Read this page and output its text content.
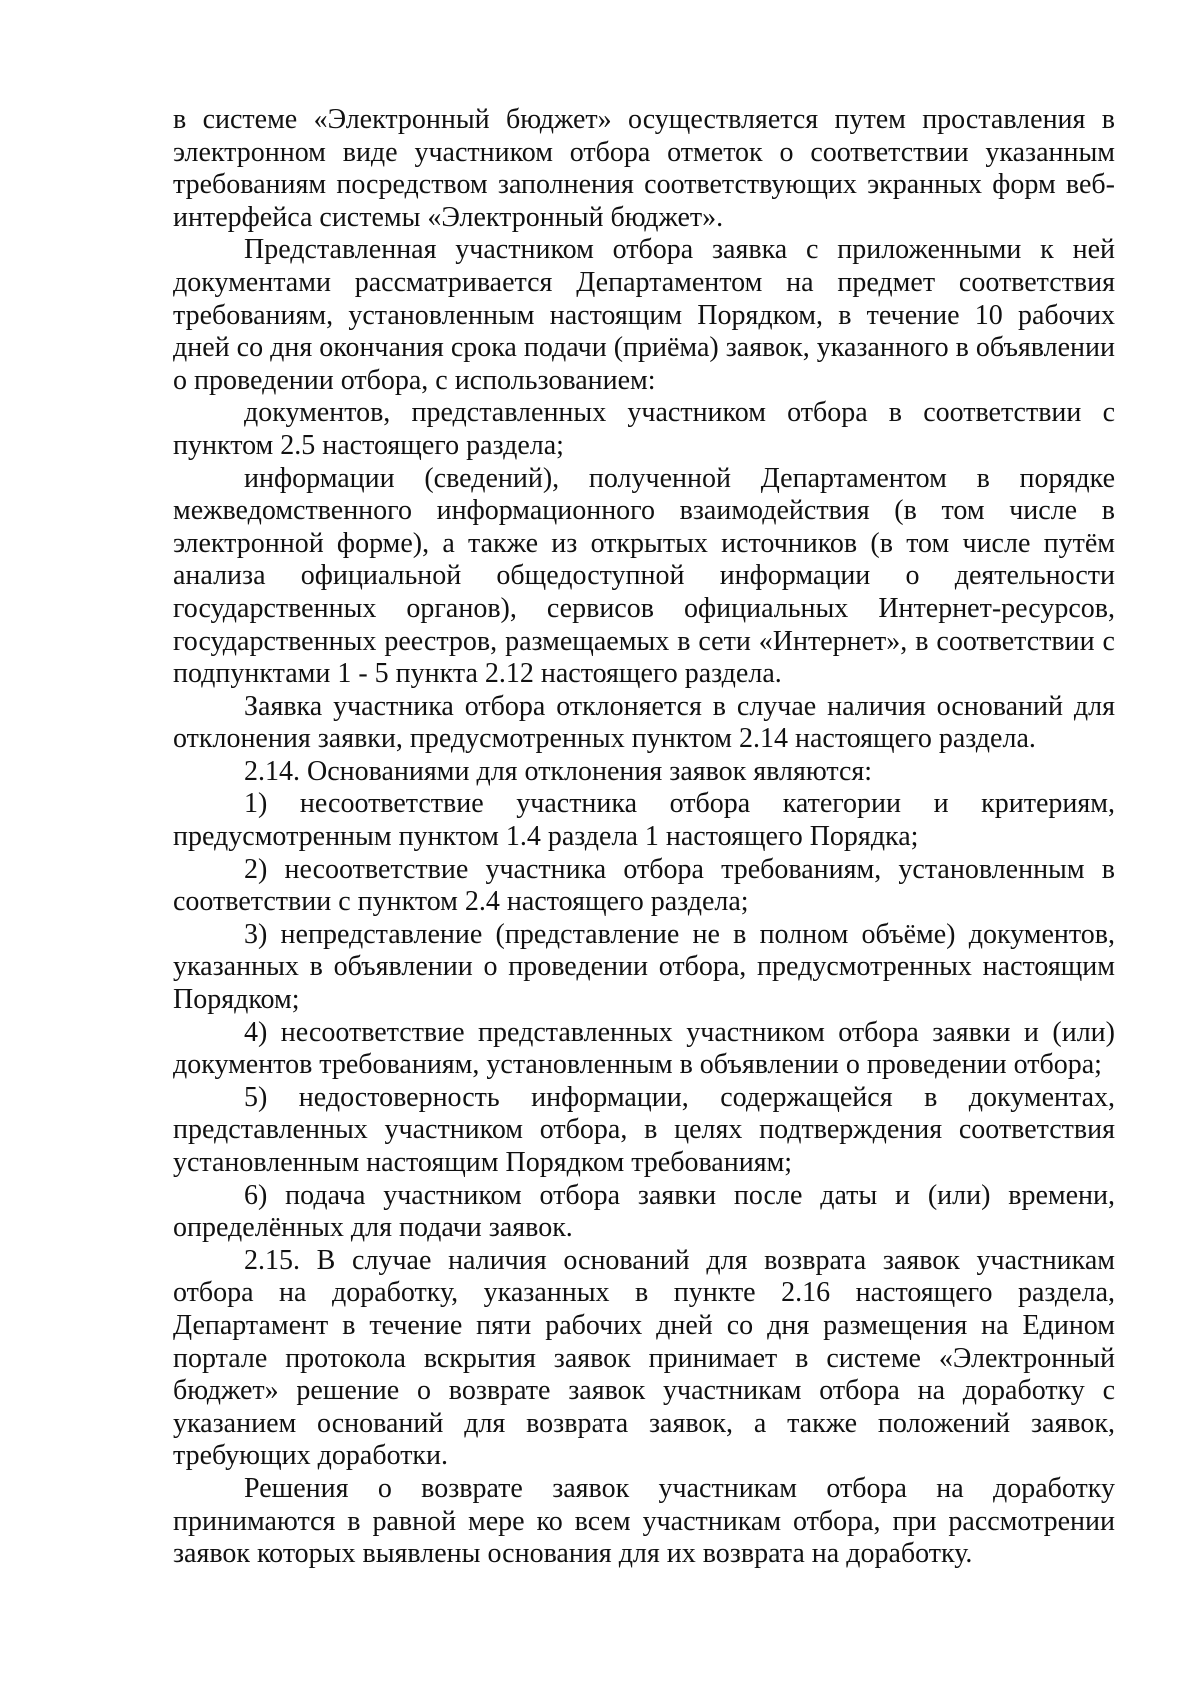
в системе «Электронный бюджет» осуществляется путем проставления в электронном виде участником отбора отметок о соответствии указанным требованиям посредством заполнения соответствующих экранных форм веб-интерфейса системы «Электронный бюджет».

Представленная участником отбора заявка с приложенными к ней документами рассматривается Департаментом на предмет соответствия требованиям, установленным настоящим Порядком, в течение 10 рабочих дней со дня окончания срока подачи (приёма) заявок, указанного в объявлении о проведении отбора, с использованием:

документов, представленных участником отбора в соответствии с пунктом 2.5 настоящего раздела;

информации (сведений), полученной Департаментом в порядке межведомственного информационного взаимодействия (в том числе в электронной форме), а также из открытых источников (в том числе путём анализа официальной общедоступной информации о деятельности государственных органов), сервисов официальных Интернет-ресурсов, государственных реестров, размещаемых в сети «Интернет», в соответствии с подпунктами 1 - 5 пункта 2.12 настоящего раздела.

Заявка участника отбора отклоняется в случае наличия оснований для отклонения заявки, предусмотренных пунктом 2.14 настоящего раздела.

2.14. Основаниями для отклонения заявок являются:

1) несоответствие участника отбора категории и критериям, предусмотренным пунктом 1.4 раздела 1 настоящего Порядка;

2) несоответствие участника отбора требованиям, установленным в соответствии с пунктом 2.4 настоящего раздела;

3) непредставление (представление не в полном объёме) документов, указанных в объявлении о проведении отбора, предусмотренных настоящим Порядком;

4) несоответствие представленных участником отбора заявки и (или) документов требованиям, установленным в объявлении о проведении отбора;

5) недостоверность информации, содержащейся в документах, представленных участником отбора, в целях подтверждения соответствия установленным настоящим Порядком требованиям;

6) подача участником отбора заявки после даты и (или) времени, определённых для подачи заявок.

2.15. В случае наличия оснований для возврата заявок участникам отбора на доработку, указанных в пункте 2.16 настоящего раздела, Департамент в течение пяти рабочих дней со дня размещения на Едином портале протокола вскрытия заявок принимает в системе «Электронный бюджет» решение о возврате заявок участникам отбора на доработку с указанием оснований для возврата заявок, а также положений заявок, требующих доработки.

Решения о возврате заявок участникам отбора на доработку принимаются в равной мере ко всем участникам отбора, при рассмотрении заявок которых выявлены основания для их возврата на доработку.
